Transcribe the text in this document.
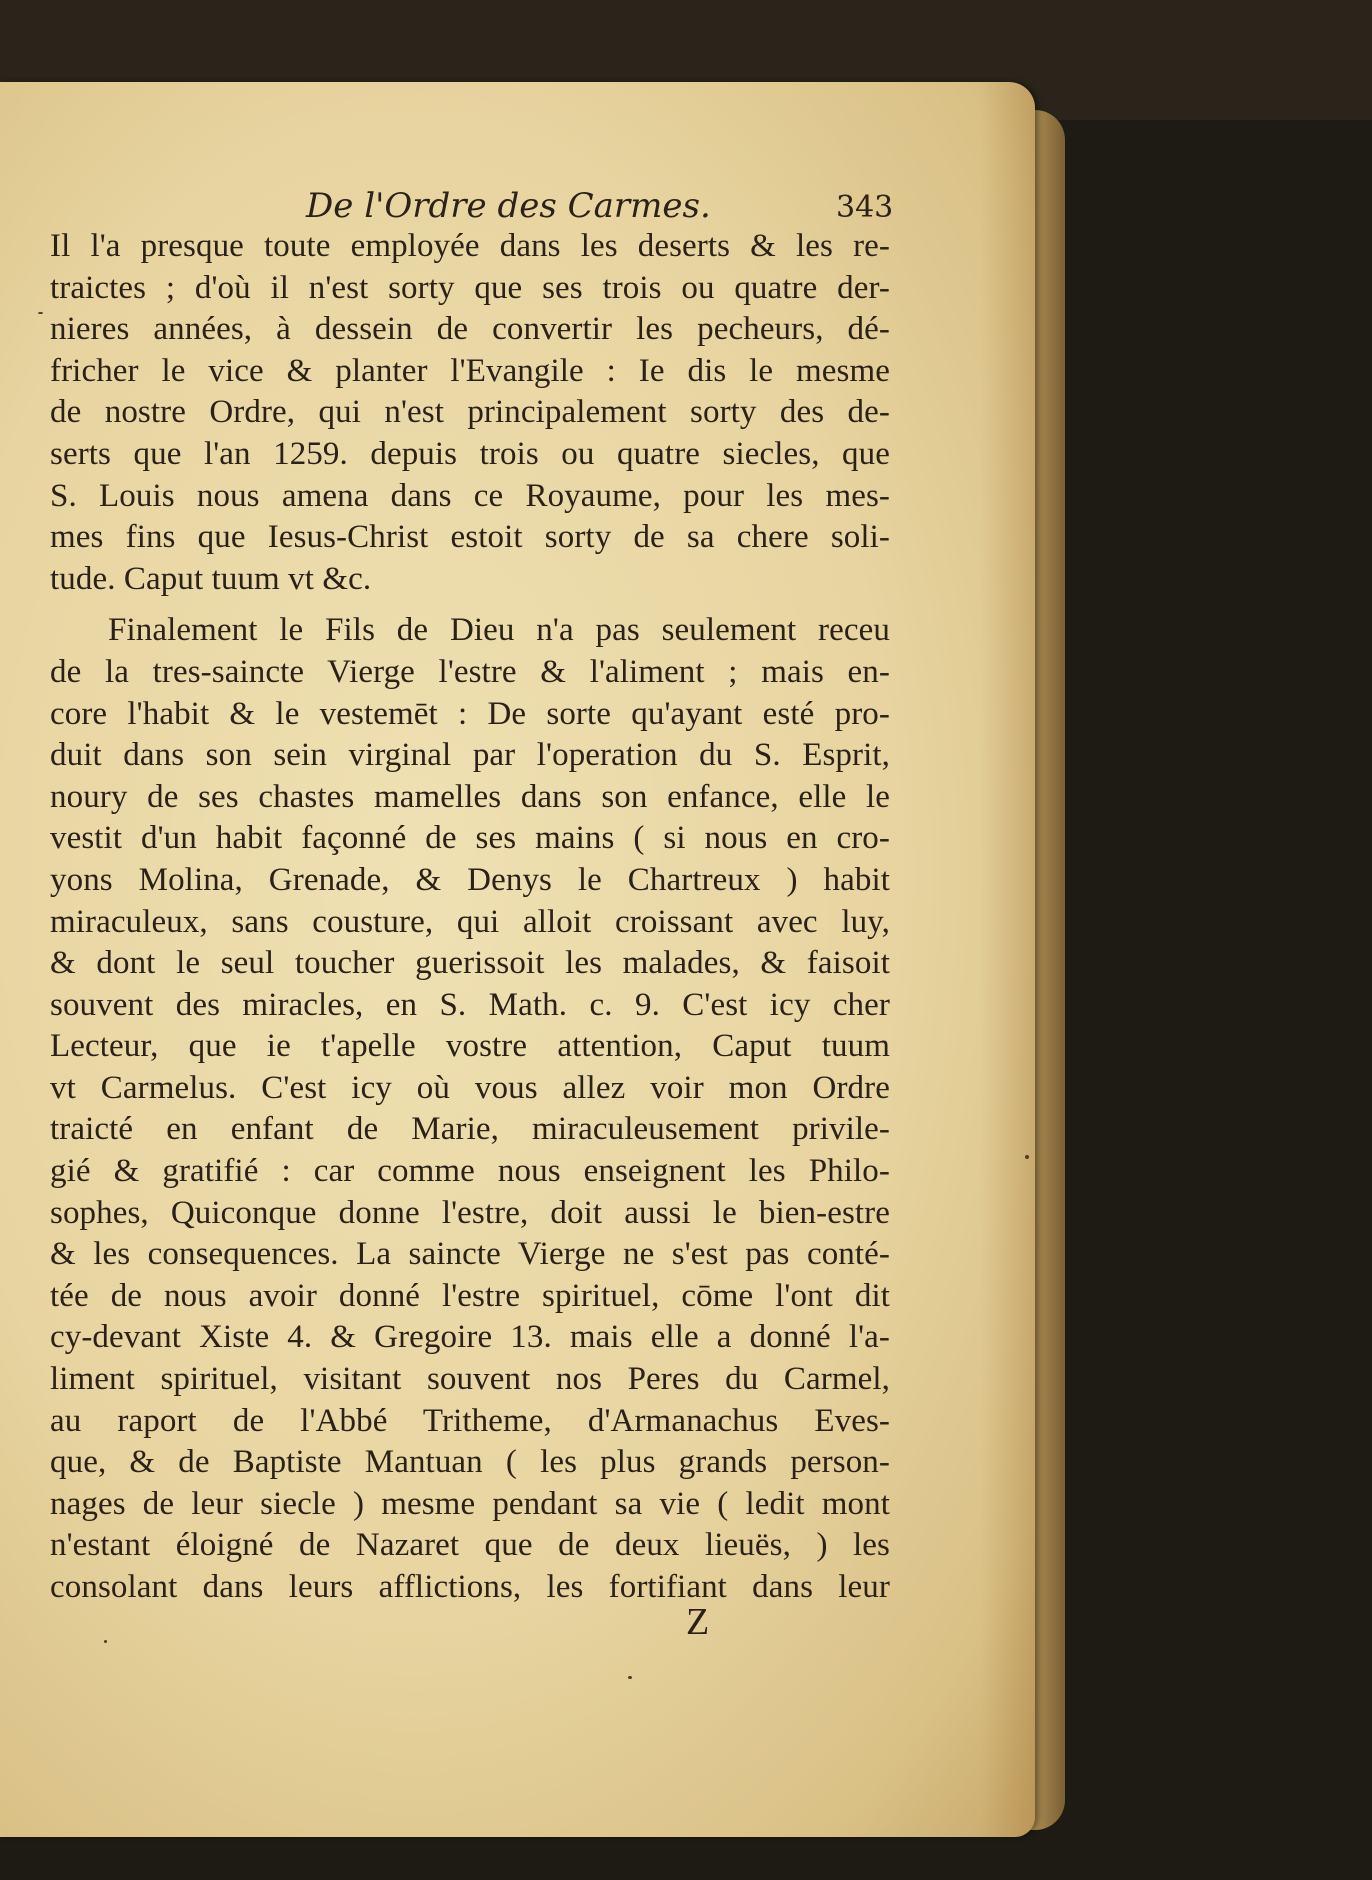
De l'Ordre des Carmes.	343
Il l'a presque toute employée dans les deserts & les re-
traictes ; d'où il n'est sorty que ses trois ou quatre der-
nieres années, à dessein de convertir les pecheurs, dé-
fricher le vice & planter l'Evangile : Ie dis le mesme
de nostre Ordre, qui n'est principalement sorty des de-
serts que l'an 1259. depuis trois ou quatre siecles, que
S. Louis nous amena dans ce Royaume, pour les mes-
mes fins que Iesus-Christ estoit sorty de sa chere soli-
tude. Caput tuum vt &c.
Finalement le Fils de Dieu n'a pas seulement receu
de la tres-saincte Vierge l'estre & l'aliment ; mais en-
core l'habit & le vestemēt : De sorte qu'ayant esté pro-
duit dans son sein virginal par l'operation du S. Esprit,
noury de ses chastes mamelles dans son enfance, elle le
vestit d'un habit façonné de ses mains ( si nous en cro-
yons Molina, Grenade, & Denys le Chartreux ) habit
miraculeux, sans cousture, qui alloit croissant avec luy,
& dont le seul toucher guerissoit les malades, & faisoit
souvent des miracles, en S. Math. c. 9. C'est icy cher
Lecteur, que ie t'apelle vostre attention, Caput tuum
vt Carmelus. C'est icy où vous allez voir mon Ordre
traicté en enfant de Marie, miraculeusement privile-
gié & gratifié : car comme nous enseignent les Philo-
sophes, Quiconque donne l'estre, doit aussi le bien-estre
& les consequences. La saincte Vierge ne s'est pas conté-
tée de nous avoir donné l'estre spirituel, cōme l'ont dit
cy-devant Xiste 4. & Gregoire 13. mais elle a donné l'a-
liment spirituel, visitant souvent nos Peres du Carmel,
au raport de l'Abbé Tritheme, d'Armanachus Eves-
que, & de Baptiste Mantuan ( les plus grands person-
nages de leur siecle ) mesme pendant sa vie ( ledit mont
n'estant éloigné de Nazaret que de deux lieuës, ) les
consolant dans leurs afflictions, les fortifiant dans leur
Z
